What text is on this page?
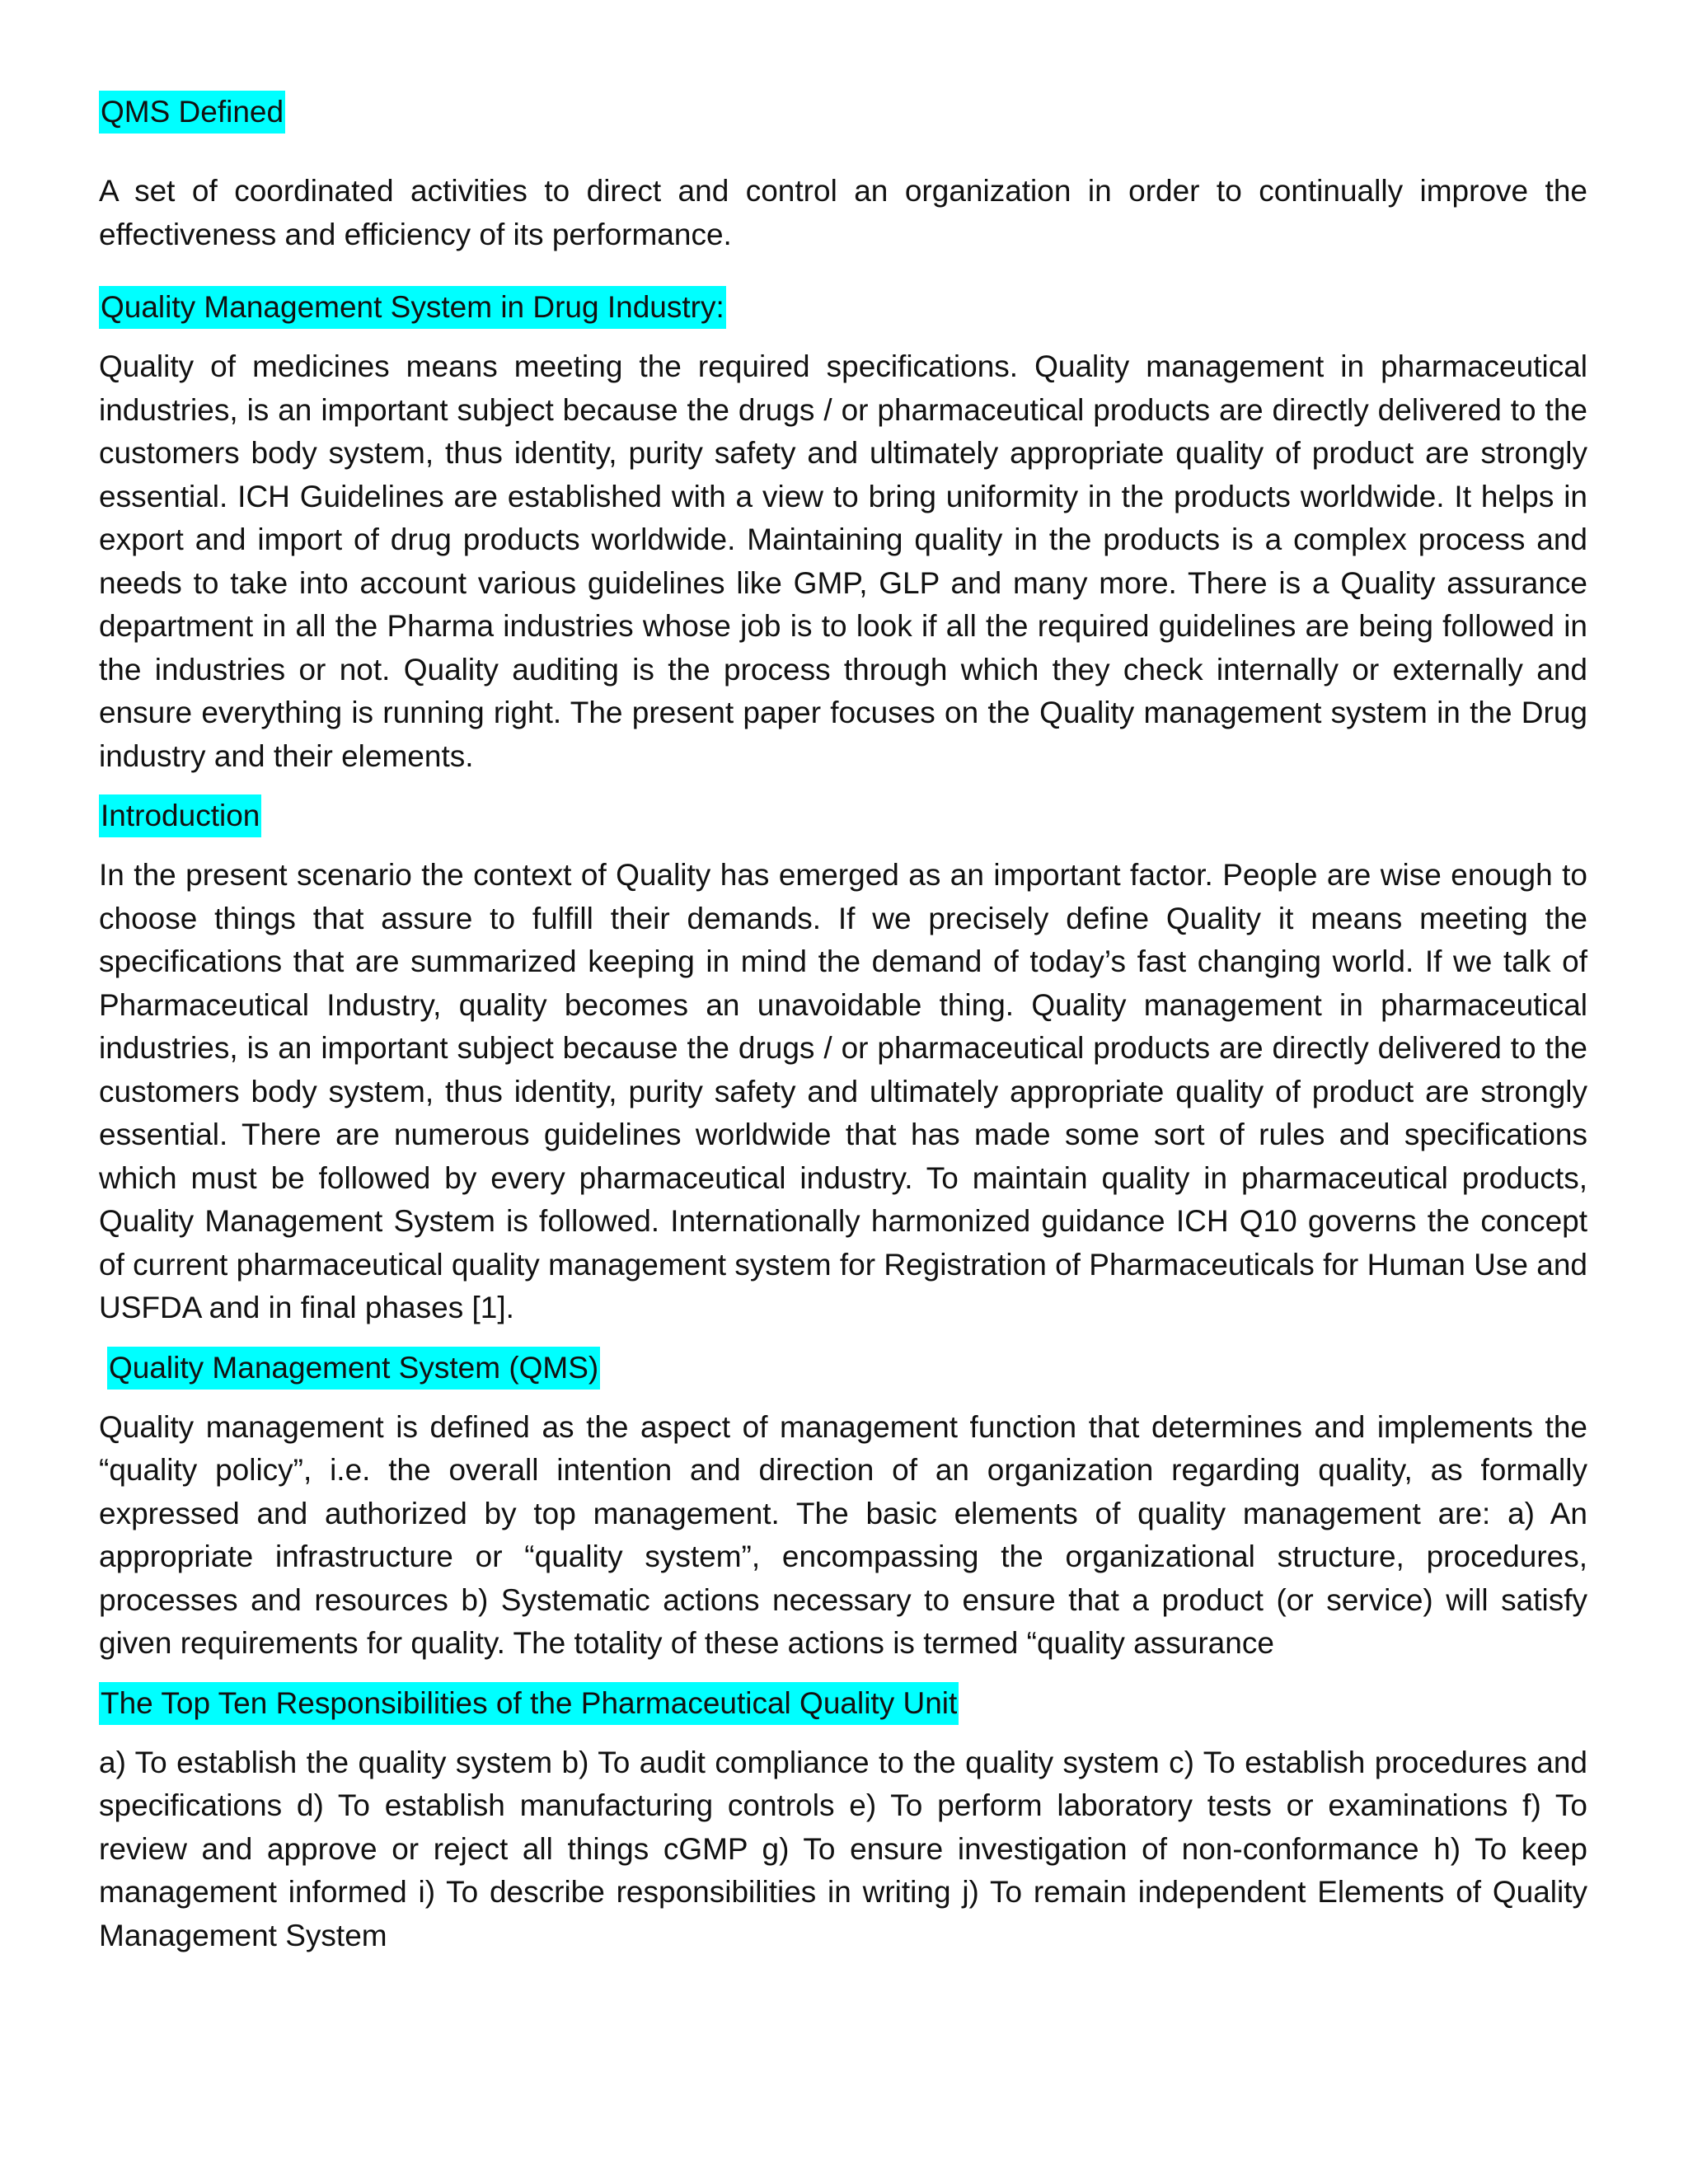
QMS Defined

A set of coordinated activities to direct and control an organization in order to continually improve the effectiveness and efficiency of its performance.

Quality Management System in Drug Industry:

Quality of medicines means meeting the required specifications. Quality management in pharmaceutical industries, is an important subject because the drugs / or pharmaceutical products are directly delivered to the customers body system, thus identity, purity safety and ultimately appropriate quality of product are strongly essential. ICH Guidelines are established with a view to bring uniformity in the products worldwide. It helps in export and import of drug products worldwide. Maintaining quality in the products is a complex process and needs to take into account various guidelines like GMP, GLP and many more. There is a Quality assurance department in all the Pharma industries whose job is to look if all the required guidelines are being followed in the industries or not. Quality auditing is the process through which they check internally or externally and ensure everything is running right. The present paper focuses on the Quality management system in the Drug industry and their elements.

Introduction

In the present scenario the context of Quality has emerged as an important factor. People are wise enough to choose things that assure to fulfill their demands. If we precisely define Quality it means meeting the specifications that are summarized keeping in mind the demand of today’s fast changing world. If we talk of Pharmaceutical Industry, quality becomes an unavoidable thing. Quality management in pharmaceutical industries, is an important subject because the drugs / or pharmaceutical products are directly delivered to the customers body system, thus identity, purity safety and ultimately appropriate quality of product are strongly essential. There are numerous guidelines worldwide that has made some sort of rules and specifications which must be followed by every pharmaceutical industry. To maintain quality in pharmaceutical products, Quality Management System is followed. Internationally harmonized guidance ICH Q10 governs the concept of current pharmaceutical quality management system for Registration of Pharmaceuticals for Human Use and USFDA and in final phases [1].

Quality Management System (QMS)

Quality management is defined as the aspect of management function that determines and implements the “quality policy”, i.e. the overall intention and direction of an organization regarding quality, as formally expressed and authorized by top management. The basic elements of quality management are: a) An appropriate infrastructure or “quality system”, encompassing the organizational structure, procedures, processes and resources b) Systematic actions necessary to ensure that a product (or service) will satisfy given requirements for quality. The totality of these actions is termed “quality assurance

The Top Ten Responsibilities of the Pharmaceutical Quality Unit

a) To establish the quality system b) To audit compliance to the quality system c) To establish procedures and specifications d) To establish manufacturing controls e) To perform laboratory tests or examinations f) To review and approve or reject all things cGMP g) To ensure investigation of non-conformance h) To keep management informed i) To describe responsibilities in writing j) To remain independent Elements of Quality Management System
